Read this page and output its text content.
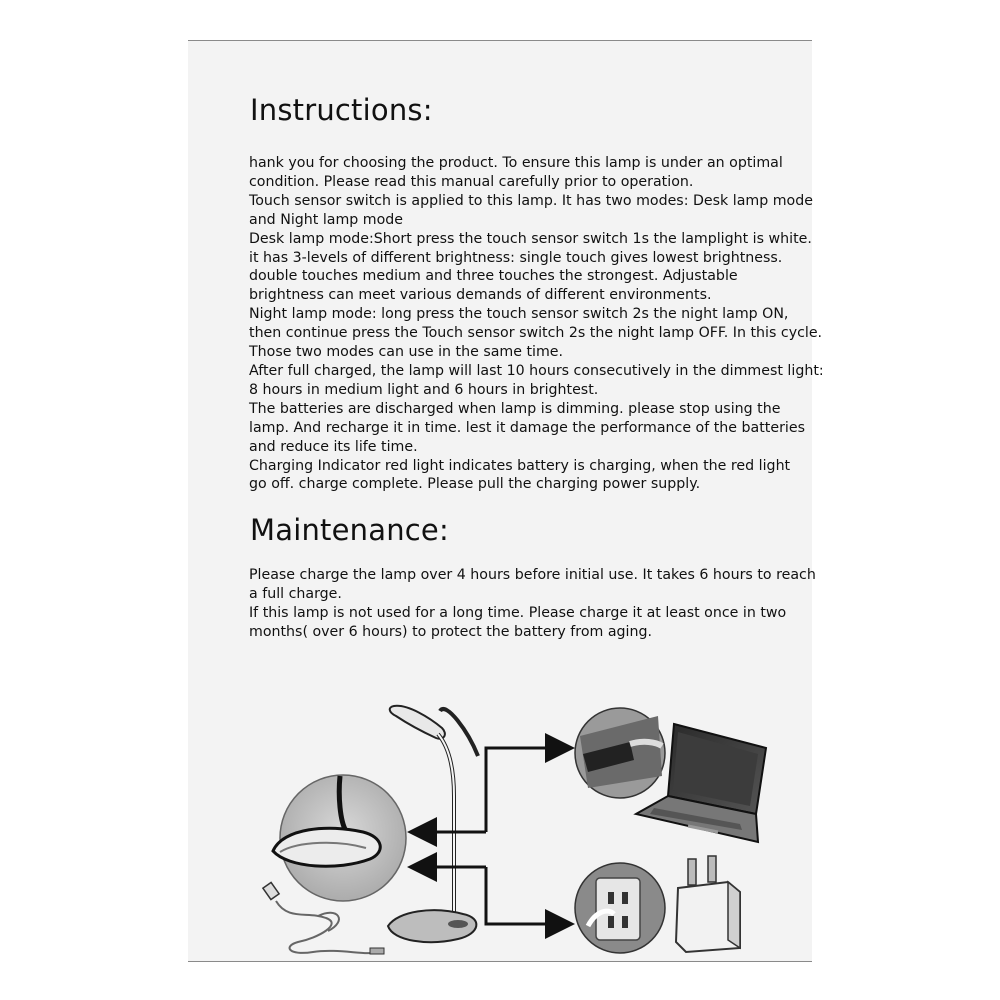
Instructions:
hank you for choosing the product. To ensure this lamp is under an optimal
condition. Please read this manual carefully prior to operation.
Touch sensor switch is applied to this lamp. It has two modes: Desk lamp mode
and Night lamp mode
Desk lamp mode:Short press the touch sensor switch 1s the lamplight is white.
it has 3-levels of different brightness: single touch gives lowest brightness.
double touches medium and three touches the strongest. Adjustable
brightness can meet various demands of different environments.
Night lamp mode: long press the touch sensor switch 2s the night lamp ON,
then continue press the Touch sensor switch 2s the night lamp OFF. In this cycle.
Those two modes can use in the same time.
After full charged, the lamp will last 10 hours consecutively in the dimmest light:
8 hours in medium light and 6 hours in brightest.
The batteries are discharged when lamp is dimming. please stop using the
lamp. And recharge it in time. lest it damage the performance of the batteries
and reduce its life time.
Charging Indicator red light indicates battery is charging, when the red light
go off. charge complete. Please pull the charging power supply.
Maintenance:
Please charge the lamp over 4 hours before initial use. It takes 6 hours to reach
a full charge.
If this lamp is not used for a long time. Please charge it at least once in two
months( over 6 hours) to protect the battery from aging.
